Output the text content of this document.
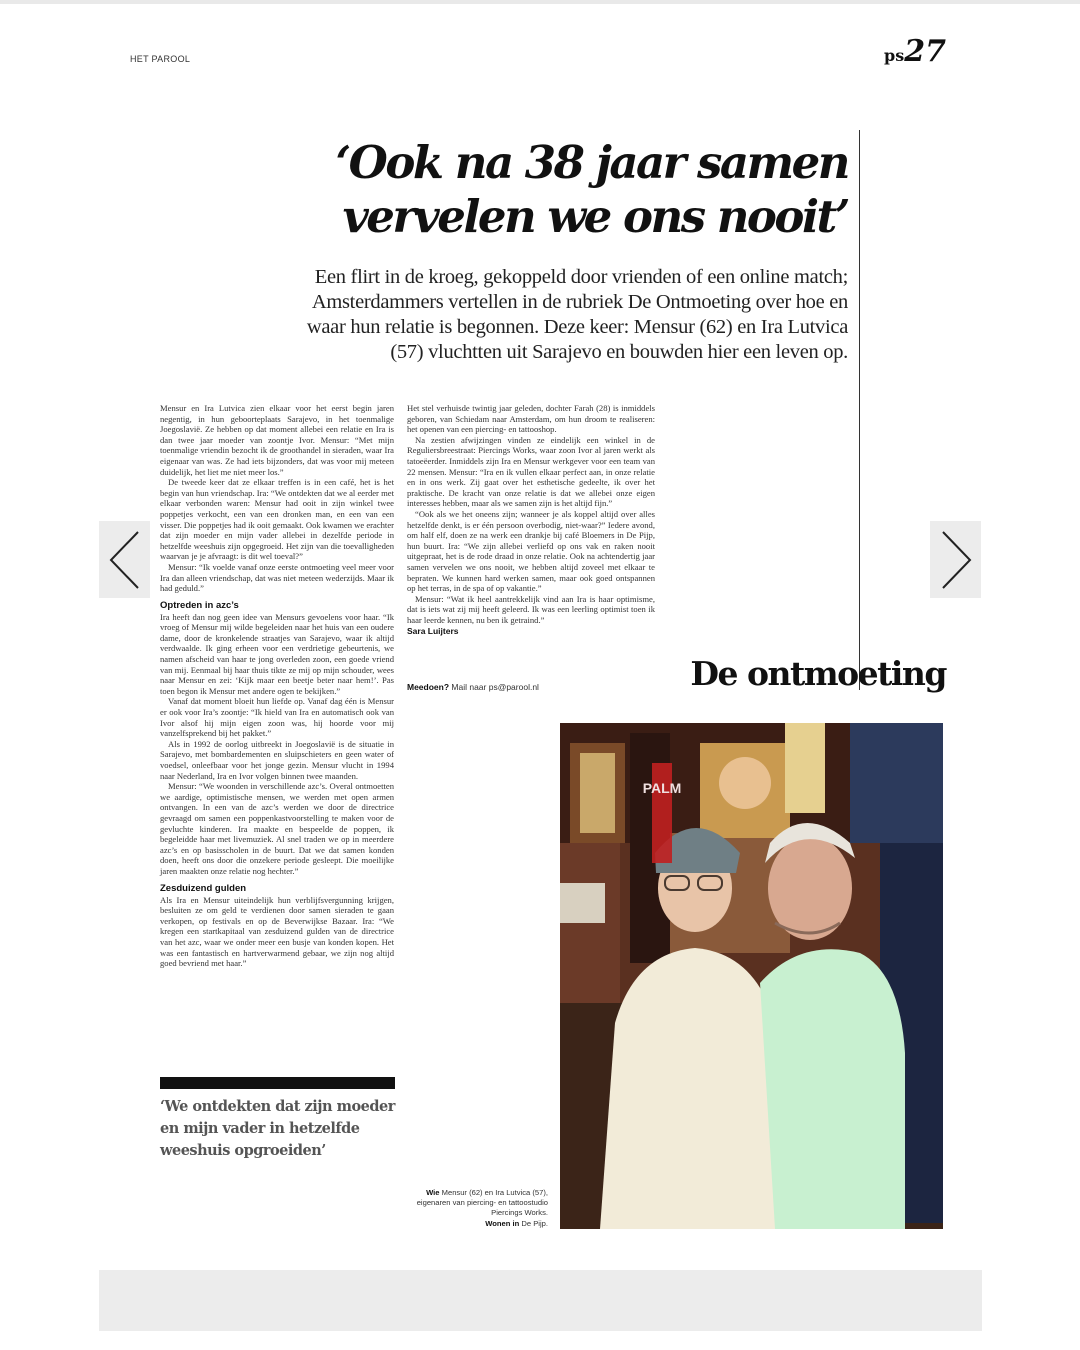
HET PAROOL	ps27
‘Ook na 38 jaar samen
vervelen we ons nooit’
Een flirt in de kroeg, gekoppeld door vrienden of een online match; Amsterdammers vertellen in de rubriek De Ontmoeting over hoe en waar hun relatie is begonnen. Deze keer: Mensur (62) en Ira Lutvica (57) vluchtten uit Sarajevo en bouwden hier een leven op.

Mensur en Ira Lutvica zien elkaar voor het eerst begin jaren negentig, in hun geboorteplaats Sarajevo, in het toenmalige Joegoslavië. Ze hebben op dat moment allebei een relatie en Ira is dan twee jaar moeder van zoontje Ivor. Mensur: “Met mijn toenmalige vriendin bezocht ik de groothandel in sieraden, waar Ira eigenaar van was. Ze had iets bijzonders, dat was voor mij meteen duidelijk, het liet me niet meer los.”

De tweede keer dat ze elkaar treffen is in een café, het is het begin van hun vriendschap. Ira: “We ontdekten dat we al eerder met elkaar verbonden waren: Mensur had ooit in zijn winkel twee poppetjes verkocht, een van een dronken man, en een van een visser. Die poppetjes had ik ooit gemaakt. Ook kwamen we erachter dat zijn moeder en mijn vader allebei in dezelfde periode in hetzelfde weeshuis zijn opgegroeid. Het zijn van die toevalligheden waarvan je je afvraagt: is dit wel toeval?”

Mensur: “Ik voelde vanaf onze eerste ontmoeting veel meer voor Ira dan alleen vriendschap, dat was niet meteen wederzijds. Maar ik had geduld.”

Optreden in azc’s

Ira heeft dan nog geen idee van Mensurs gevoelens voor haar. “Ik vroeg of Mensur mij wilde begeleiden naar het huis van een oudere dame, door de kronkelende straatjes van Sarajevo, waar ik altijd verdwaalde. Ik ging erheen voor een verdrietige gebeurtenis, we namen afscheid van haar te jong overleden zoon, een goede vriend van mij. Eenmaal bij haar thuis tikte ze mij op mijn schouder, wees naar Mensur en zei: ‘Kijk maar een beetje beter naar hem!’. Pas toen begon ik Mensur met andere ogen te bekijken.”

Vanaf dat moment bloeit hun liefde op. Vanaf dag één is Mensur er ook voor Ira’s zoontje: “Ik hield van Ira en automatisch ook van Ivor alsof hij mijn eigen zoon was, hij hoorde voor mij vanzelfsprekend bij het pakket.”

Als in 1992 de oorlog uitbreekt in Joegoslavië is de situatie in Sarajevo, met bombardementen en sluipschieters en geen water of voedsel, onleefbaar voor het jonge gezin. Mensur vlucht in 1994 naar Nederland, Ira en Ivor volgen binnen twee maanden.

Mensur: “We woonden in verschillende azc’s. Overal ontmoetten we aardige, optimistische mensen, we werden met open armen ontvangen. In een van de azc’s werden we door de directrice gevraagd om samen een poppenkastvoorstelling te maken voor de gevluchte kinderen. Ira maakte en bespeelde de poppen, ik begeleidde haar met livemuziek. Al snel traden we op in meerdere azc’s en op basisscholen in de buurt. Dat we dat samen konden doen, heeft ons door die onzekere periode gesleept. Die moeilijke jaren maakten onze relatie nog hechter.”

Zesduizend gulden

Als Ira en Mensur uiteindelijk hun verblijfsvergunning krijgen, besluiten ze om geld te verdienen door samen sieraden te gaan verkopen, op festivals en op de Beverwijkse Bazaar. Ira: “We kregen een startkapitaal van zesduizend gulden van de directrice van het azc, waar we onder meer een busje van konden kopen. Het was een fantastisch en hartverwarmend gebaar, we zijn nog altijd goed bevriend met haar.”

Het stel verhuisde twintig jaar geleden, dochter Farah (28) is inmiddels geboren, van Schiedam naar Amsterdam, om hun droom te realiseren: het openen van een piercing- en tattooshop.

Na zestien afwijzingen vinden ze eindelijk een winkel in de Reguliersbreestraat: Piercings Works, waar zoon Ivor al jaren werkt als tatoeëerder. Inmiddels zijn Ira en Mensur werkgever voor een team van 22 mensen. Mensur: “Ira en ik vullen elkaar perfect aan, in onze relatie en in ons werk. Zij gaat over het esthetische gedeelte, ik over het praktische. De kracht van onze relatie is dat we allebei onze eigen interesses hebben, maar als we samen zijn is het altijd fijn.”

“Ook als we het oneens zijn; wanneer je als koppel altijd over alles hetzelfde denkt, is er één persoon overbodig, niet-waar?” Iedere avond, om half elf, doen ze na werk een drankje bij café Bloemers in De Pijp, hun buurt. Ira: “We zijn allebei verliefd op ons vak en raken nooit uitgepraat, het is de rode draad in onze relatie. Ook na achtendertig jaar samen vervelen we ons nooit, we hebben altijd zoveel met elkaar te bepraten. We kunnen hard werken samen, maar ook goed ontspannen op het terras, in de spa of op vakantie.”

Mensur: “Wat ik heel aantrekkelijk vind aan Ira is haar optimisme, dat is iets wat zij mij heeft geleerd. Ik was een leerling optimist toen ik haar leerde kennen, nu ben ik getraind.”

Sara Luijters
Meedoen? Mail naar ps@parool.nl
‘We ontdekten dat zijn moeder en mijn vader in hetzelfde weeshuis opgroeiden’
De ontmoeting
PALM
Wie Mensur (62) en Ira Lutvica (57), eigenaren van piercing- en tattoostudio Piercings Works.
Wonen in De Pijp.
